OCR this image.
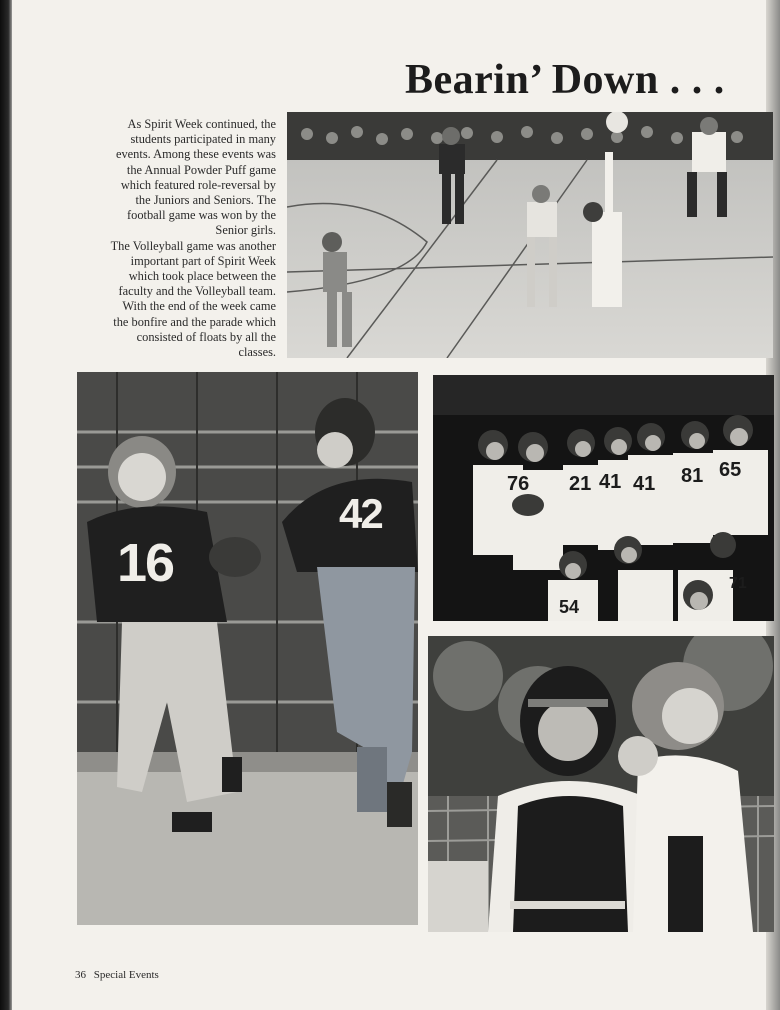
Bearin’ Down . . .
As Spirit Week continued, the
students participated in many
events. Among these events was
the Annual Powder Puff game
which featured role-reversal by
the Juniors and Seniors. The
football game was won by the
Senior girls.
The Volleyball game was another
important part of Spirit Week
which took place between the
faculty and the Volleyball team.
With the end of the week came
the bonfire and the parade which
consisted of floats by all the
classes.
16
42
76 21 41	81 65
41
71
54
36 Special Events
